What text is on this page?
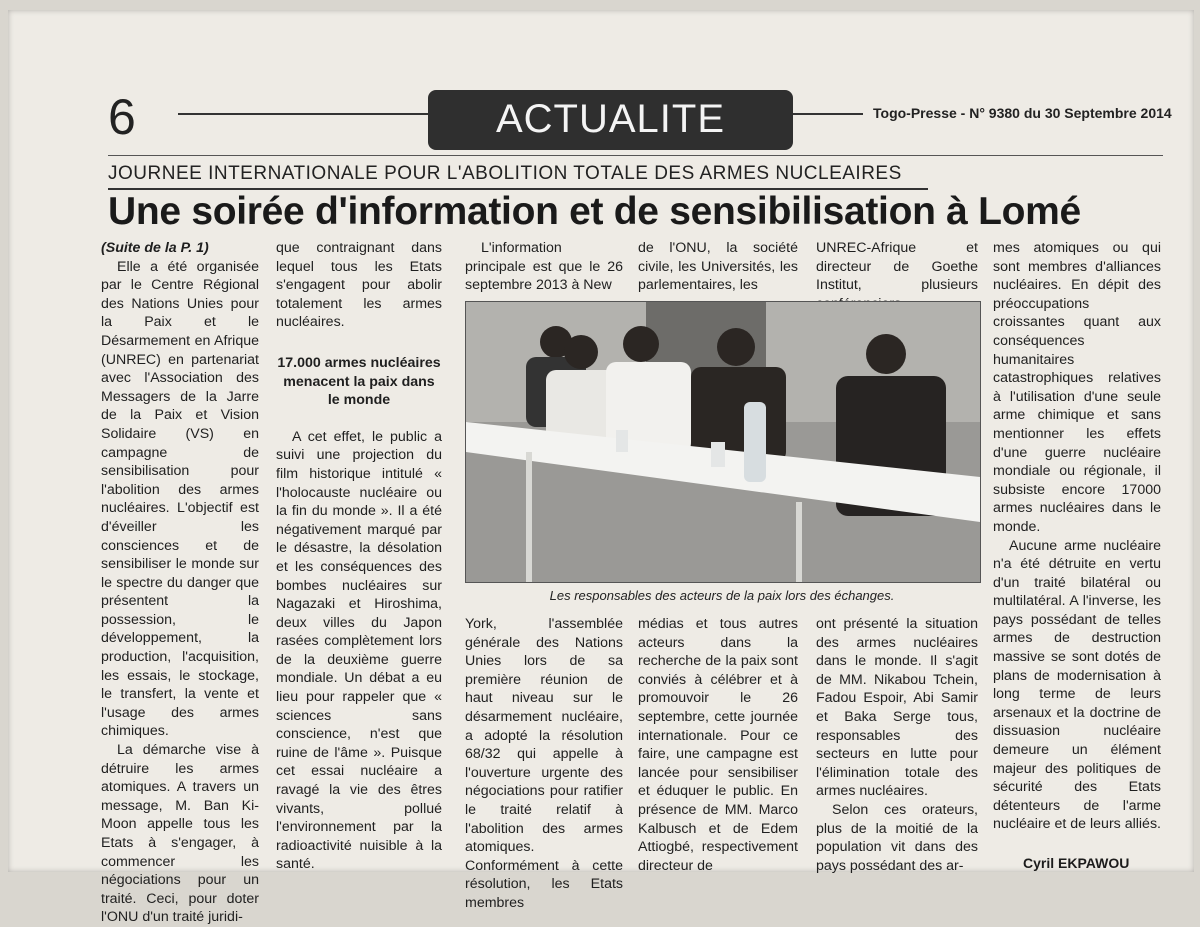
6	ACTUALITE	Togo-Presse - N° 9380 du 30 Septembre 2014
JOURNEE INTERNATIONALE POUR L'ABOLITION TOTALE DES ARMES NUCLEAIRES
Une soirée d'information et de sensibilisation à Lomé

(Suite de la P. 1)

Elle a été organisée par le Centre Régional des Nations Unies pour la Paix et le Désarmement en Afrique (UNREC) en partenariat avec l'Association des Messagers de la Jarre de la Paix et Vision Solidaire (VS) en campagne de sensibilisation pour l'abolition des armes nucléaires. L'objectif est d'éveiller les consciences et de sensibiliser le monde sur le spectre du danger que présentent la possession, le développement, la production, l'acquisition, les essais, le stockage, le transfert, la vente et l'usage des armes chimiques.

La démarche vise à détruire les armes atomiques. A travers un message, M. Ban Ki-Moon appelle tous les Etats à s'engager, à commencer les négociations pour un traité. Ceci, pour doter l'ONU d'un traité juridi-

que contraignant dans lequel tous les Etats s'engagent pour abolir totalement les armes nucléaires.

17.000 armes nucléaires menacent la paix dans le monde

A cet effet, le public a suivi une projection du film historique intitulé « l'holocauste nucléaire ou la fin du monde ». Il a été négativement marqué par le désastre, la désolation et les conséquences des bombes nucléaires sur Nagazaki et Hiroshima, deux villes du Japon rasées complètement lors de la deuxième guerre mondiale. Un débat a eu lieu pour rappeler que « sciences sans conscience, n'est que ruine de l'âme ». Puisque cet essai nucléaire a ravagé la vie des êtres vivants, pollué l'environnement par la radioactivité nuisible à la santé.

L'information principale est que le 26 septembre 2013 à New

de l'ONU, la société civile, les Universités, les parlementaires, les

UNREC-Afrique et directeur de Goethe Institut, plusieurs

Les responsables des acteurs de la paix lors des échanges.

York, l'assemblée générale des Nations Unies lors de sa première réunion de haut niveau sur le désarmement nucléaire, a adopté la résolution 68/32 qui appelle à l'ouverture urgente des négociations pour ratifier le traité relatif à l'abolition des armes atomiques. Conformément à cette résolution, les Etats membres

médias et tous autres acteurs dans la recherche de la paix sont conviés à célébrer et à promouvoir le 26 septembre, cette journée internationale. Pour ce faire, une campagne est lancée pour sensibiliser et éduquer le public. En présence de MM. Marco Kalbusch et de Edem Attiogbé, respectivement directeur de

ont présenté la situation des armes nucléaires dans le monde. Il s'agit de MM. Nikabou Tchein, Fadou Espoir, Abi Samir et Baka Serge tous, responsables des secteurs en lutte pour l'élimination totale des armes nucléaires.

Selon ces orateurs, plus de la moitié de la population vit dans des pays possédant des ar-

mes atomiques ou qui sont membres d'alliances nucléaires. En dépit des préoccupations croissantes quant aux conséquences humanitaires catastrophiques relatives à l'utilisation d'une seule arme chimique et sans mentionner les effets d'une guerre nucléaire mondiale ou régionale, il subsiste encore 17000 armes nucléaires dans le monde.

Aucune arme nucléaire n'a été détruite en vertu d'un traité bilatéral ou multilatéral. A l'inverse, les pays possédant de telles armes de destruction massive se sont dotés de plans de modernisation à long terme de leurs arsenaux et la doctrine de dissuasion nucléaire demeure un élément majeur des politiques de sécurité des Etats détenteurs de l'arme nucléaire et de leurs alliés.

Cyril EKPAWOU
